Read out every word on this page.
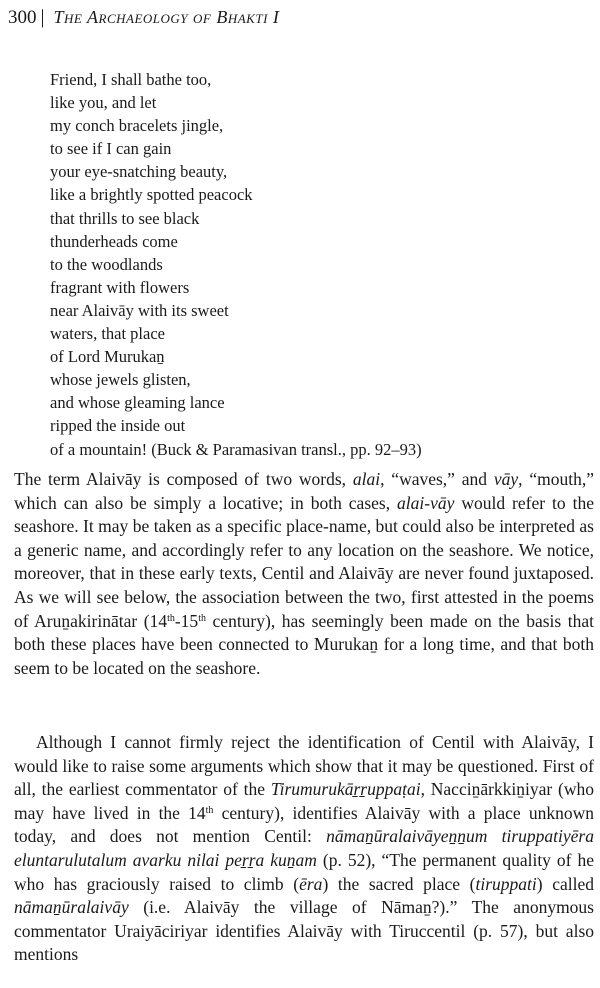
300 | The Archaeology of Bhakti I
Friend, I shall bathe too,
like you, and let
my conch bracelets jingle,
to see if I can gain
your eye-snatching beauty,
like a brightly spotted peacock
that thrills to see black
thunderheads come
to the woodlands
fragrant with flowers
near Alaivāy with its sweet
waters, that place
of Lord Murukan̠
whose jewels glisten,
and whose gleaming lance
ripped the inside out
of a mountain! (Buck & Paramasivan transl., pp. 92–93)

The term Alaivāy is composed of two words, alai, “waves,” and vāy, “mouth,” which can also be simply a locative; in both cases, alai-vāy would refer to the seashore. It may be taken as a specific place-name, but could also be interpreted as a generic name, and accordingly refer to any location on the seashore. We notice, moreover, that in these early texts, Centil and Alaivāy are never found juxtaposed. As we will see below, the association between the two, first attested in the poems of Arun̠akirinātar (14th-15th century), has seemingly been made on the basis that both these places have been connected to Murukan̠ for a long time, and that both seem to be located on the seashore.

Although I cannot firmly reject the identification of Centil with Alaivāy, I would like to raise some arguments which show that it may be questioned. First of all, the earliest commentator of the Tirumurukār̠r̠uppaṭai, Naccin̠ārkkin̠iyar (who may have lived in the 14th century), identifies Alaivāy with a place unknown today, and does not mention Centil: nāman̠ūralaivāyen̠n̠um tiruppatiyēra eluntarulutalum avarku nilai per̠r̠a kun̠am (p. 52), “The permanent quality of he who has graciously raised to climb (ēra) the sacred place (tiruppati) called nāman̠ūralaivāy (i.e. Alaivāy the village of Nāman̠?).” The anonymous commentator Uraiyāciriyar identifies Alaivāy with Tiruccentil (p. 57), but also mentions
